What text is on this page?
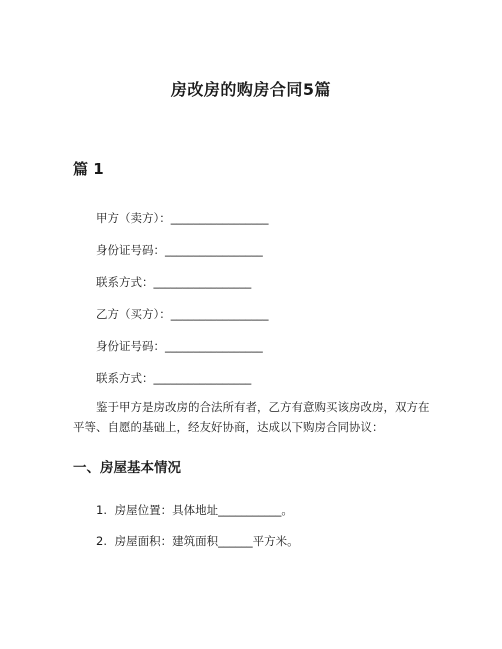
房改房的购房合同5篇
篇 1
甲方（卖方）：_________________
身份证号码：_________________
联系方式：_________________
乙方（买方）：_________________
身份证号码：_________________
联系方式：_________________
鉴于甲方是房改房的合法所有者，乙方有意购买该房改房，双方在平等、自愿的基础上，经友好协商，达成以下购房合同协议：
一、房屋基本情况
1. 房屋位置：具体地址___________。
2. 房屋面积：建筑面积______平方米。
